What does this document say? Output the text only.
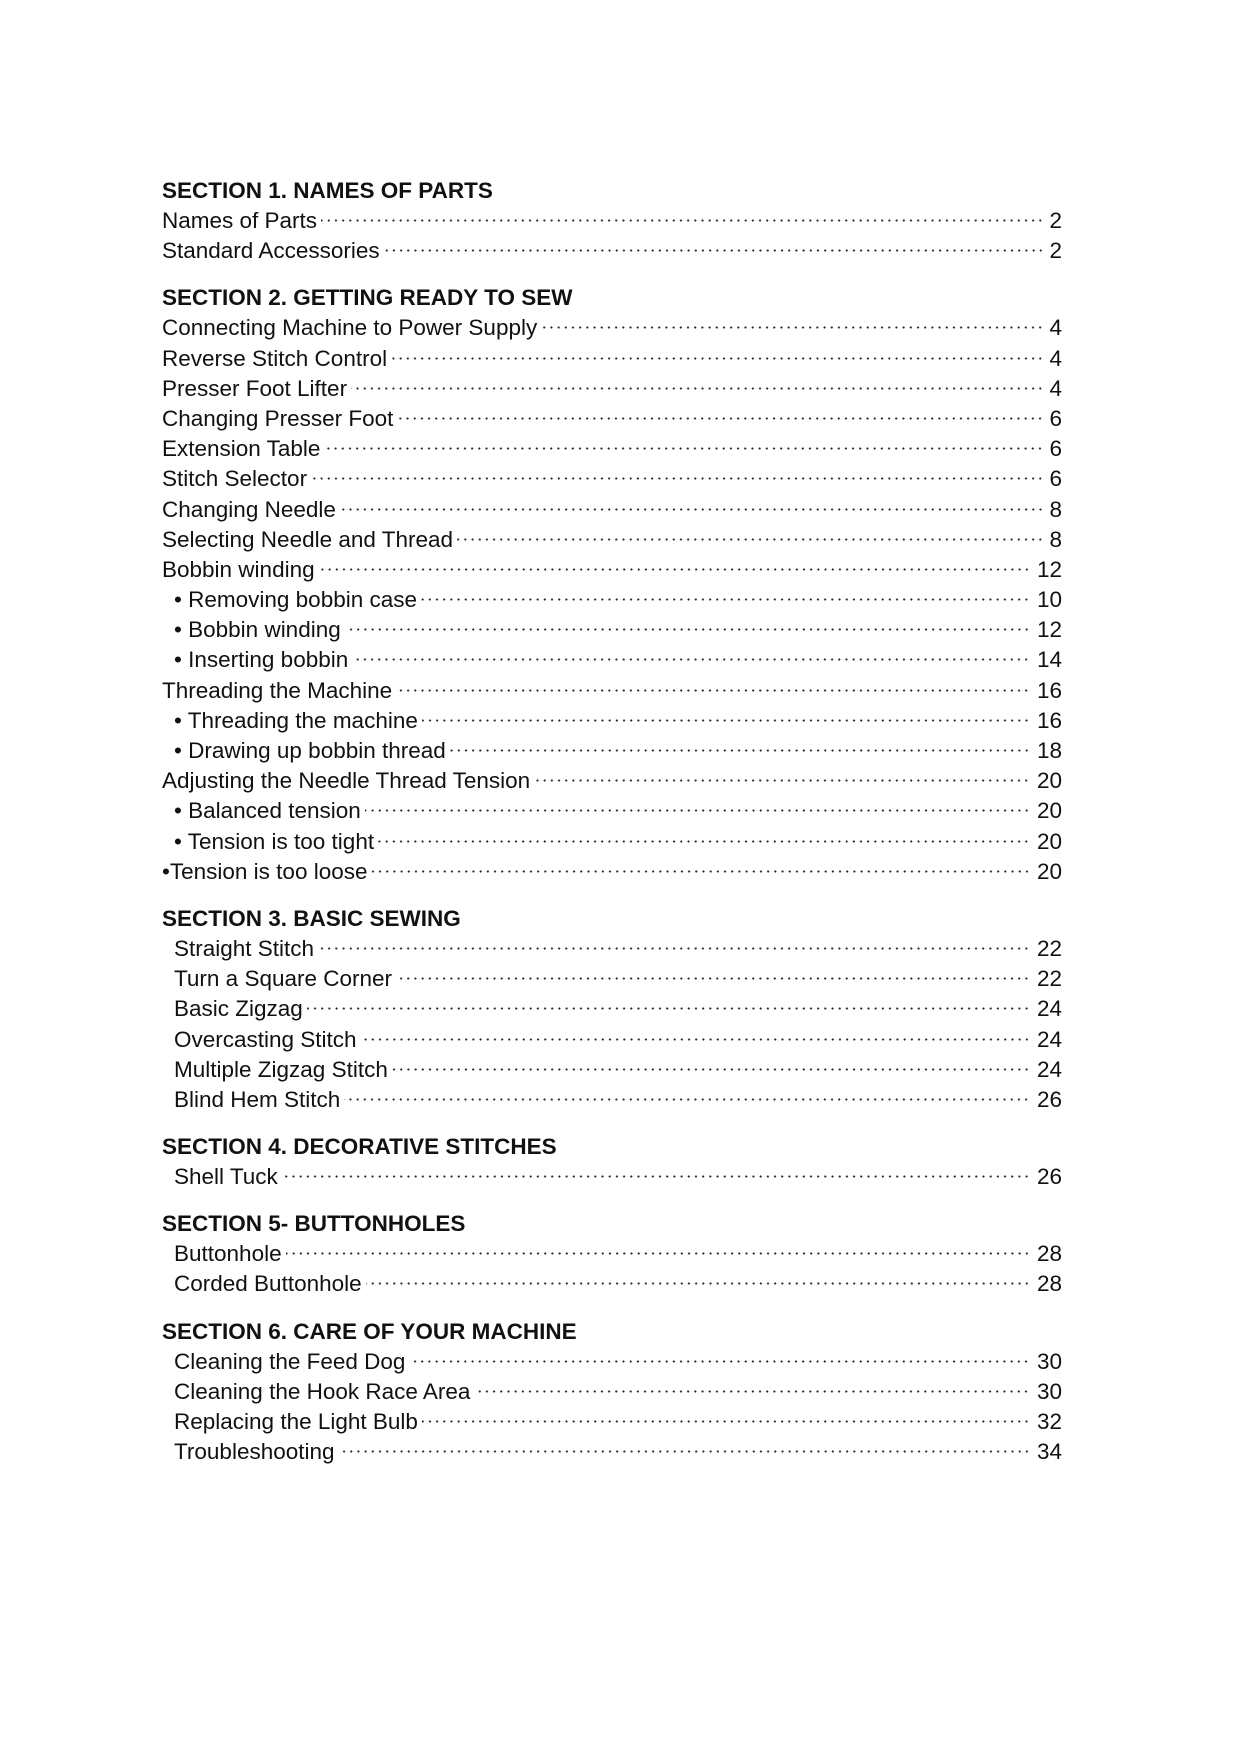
SECTION 1. NAMES OF PARTS
Names of Parts	2
Standard Accessories	2
SECTION 2. GETTING READY TO SEW
Connecting Machine to Power Supply	4
Reverse Stitch Control	4
Presser Foot Lifter	4
Changing Presser Foot	6
Extension Table	6
Stitch Selector	6
Changing Needle	8
Selecting Needle and Thread	8
Bobbin winding	12
• Removing bobbin case	10
• Bobbin winding	12
• Inserting bobbin	14
Threading the Machine	16
• Threading the machine	16
• Drawing up bobbin thread	18
Adjusting the Needle Thread Tension	20
• Balanced tension	20
• Tension is too tight	20
•Tension is too loose	20
SECTION 3. BASIC SEWING
Straight Stitch	22
Turn a Square Corner	22
Basic Zigzag	24
Overcasting Stitch	24
Multiple Zigzag Stitch	24
Blind Hem Stitch	26
SECTION 4. DECORATIVE STITCHES
Shell Tuck	26
SECTION 5- BUTTONHOLES
Buttonhole	28
Corded Buttonhole	28
SECTION 6. CARE OF YOUR MACHINE
Cleaning the Feed Dog	30
Cleaning the Hook Race Area	30
Replacing the Light Bulb	32
Troubleshooting	34
